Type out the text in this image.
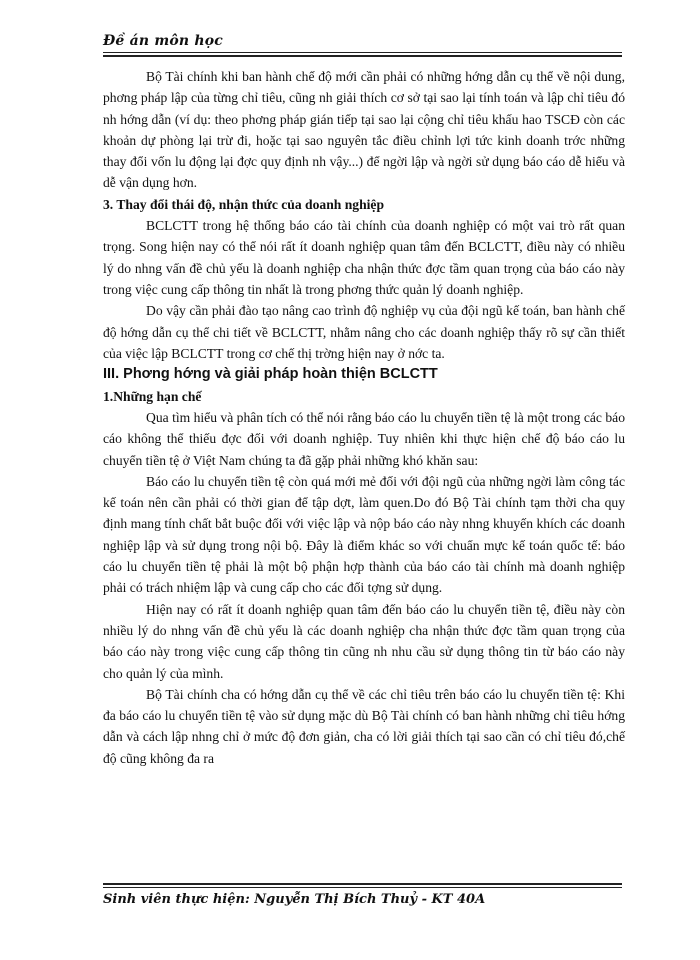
Đề án môn học

Bộ Tài chính khi ban hành chế độ mới cần phải có những hớng dẫn cụ thể về nội dung, phơng pháp lập của từng chỉ tiêu, cũng nh giải thích cơ sở tại sao lại tính toán và lập chỉ tiêu đó nh hớng dẫn (ví dụ: theo phơng pháp gián tiếp tại sao lại cộng chỉ tiêu khấu hao TSCĐ còn các khoản dự phòng lại trừ đi, hoặc tại sao nguyên tắc điều chỉnh lợi tức kinh doanh trớc những thay đổi vốn lu động lại đợc quy định nh vậy...) để ngời lập và ngời sử dụng báo cáo dễ hiểu và dễ vận dụng hơn.

3. Thay đổi thái độ, nhận thức của doanh nghiệp

BCLCTT trong hệ thống báo cáo tài chính của doanh nghiệp có một vai trò rất quan trọng. Song hiện nay có thể nói rất ít doanh nghiệp quan tâm đến BCLCTT, điều này có nhiều lý do nhng vấn đề chủ yếu là doanh nghiệp cha nhận thức đợc tầm quan trọng của báo cáo này trong việc cung cấp thông tin nhất là trong phơng thức quản lý doanh nghiệp.

Do vậy cần phải đào tạo nâng cao trình độ nghiệp vụ của đội ngũ kế toán, ban hành chế độ hớng dẫn cụ thể chi tiết về BCLCTT, nhằm nâng cho các doanh nghiệp thấy rõ sự cần thiết của việc lập BCLCTT trong cơ chế thị trờng hiện nay ở nớc ta.

III. Phơng hớng và giải pháp hoàn thiện BCLCTT

1.Những hạn chế

Qua tìm hiểu và phân tích có thể nói rằng báo cáo lu chuyển tiền tệ là một trong các báo cáo không thể thiếu đợc đối với doanh nghiệp. Tuy nhiên khi thực hiện chế độ báo cáo lu chuyển tiền tệ ở Việt Nam chúng ta đã gặp phải những khó khăn sau:

Báo cáo lu chuyển tiền tệ còn quá mới mẻ đối với đội ngũ của những ngời làm công tác kế toán nên cần phải có thời gian để tập dợt, làm quen.Do đó Bộ Tài chính tạm thời cha quy định mang tính chất bắt buộc đối với việc lập và nộp báo cáo này nhng khuyến khích các doanh nghiệp lập và sử dụng trong nội bộ. Đây là điểm khác so với chuẩn mực kế toán quốc tế: báo cáo lu chuyển tiền tệ phải là một bộ phận hợp thành của báo cáo tài chính mà doanh nghiệp phải có trách nhiệm lập và cung cấp cho các đối tợng sử dụng.

Hiện nay có rất ít doanh nghiệp quan tâm đến báo cáo lu chuyển tiền tệ, điều này còn nhiều lý do nhng vấn đề chủ yếu là các doanh nghiệp cha nhận thức đợc tầm quan trọng của báo cáo này trong việc cung cấp thông tin cũng nh nhu cầu sử dụng thông tin từ báo cáo này cho quản lý của mình.

Bộ Tài chính cha có hớng dẫn cụ thể về các chỉ tiêu trên báo cáo lu chuyển tiền tệ: Khi đa báo cáo lu chuyển tiền tệ vào sử dụng mặc dù Bộ Tài chính có ban hành những chỉ tiêu hớng dẫn và cách lập nhng chỉ ở mức độ đơn giản, cha có lời giải thích tại sao cần có chỉ tiêu đó,chế độ cũng không đa ra

Sinh viên thực hiện: Nguyễn Thị Bích Thuỷ - KT 40A
